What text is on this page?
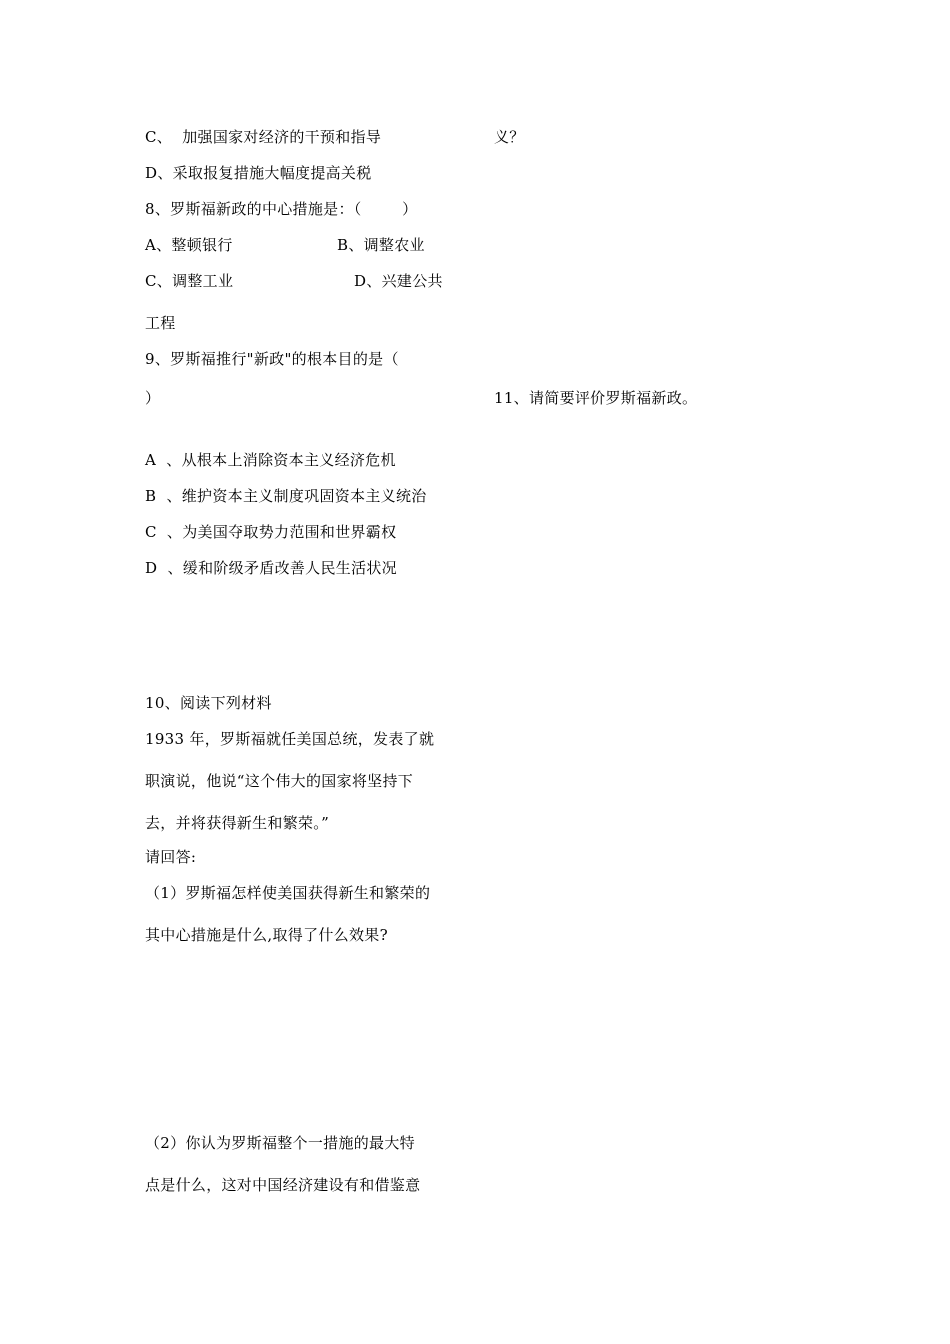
C、  加强国家对经济的干预和指导	义？
D、采取报复措施大幅度提高关税
8、罗斯福新政的中心措施是：（        ）
A、整顿银行	B、调整农业
C、调整工业	D、兴建公共
工程
9、罗斯福推行"新政"的根本目的是（
）	11、请简要评价罗斯福新政。
A  、从根本上消除资本主义经济危机
B  、维护资本主义制度巩固资本主义统治
C  、为美国夺取势力范围和世界霸权
D  、缓和阶级矛盾改善人民生活状况
10、阅读下列材料
1933 年，罗斯福就任美国总统，发表了就
职演说，他说“这个伟大的国家将坚持下
去，并将获得新生和繁荣。”
请回答:
（1）罗斯福怎样使美国获得新生和繁荣的
其中心措施是什么,取得了什么效果?
（2）你认为罗斯福整个一措施的最大特
点是什么，这对中国经济建设有和借鉴意
